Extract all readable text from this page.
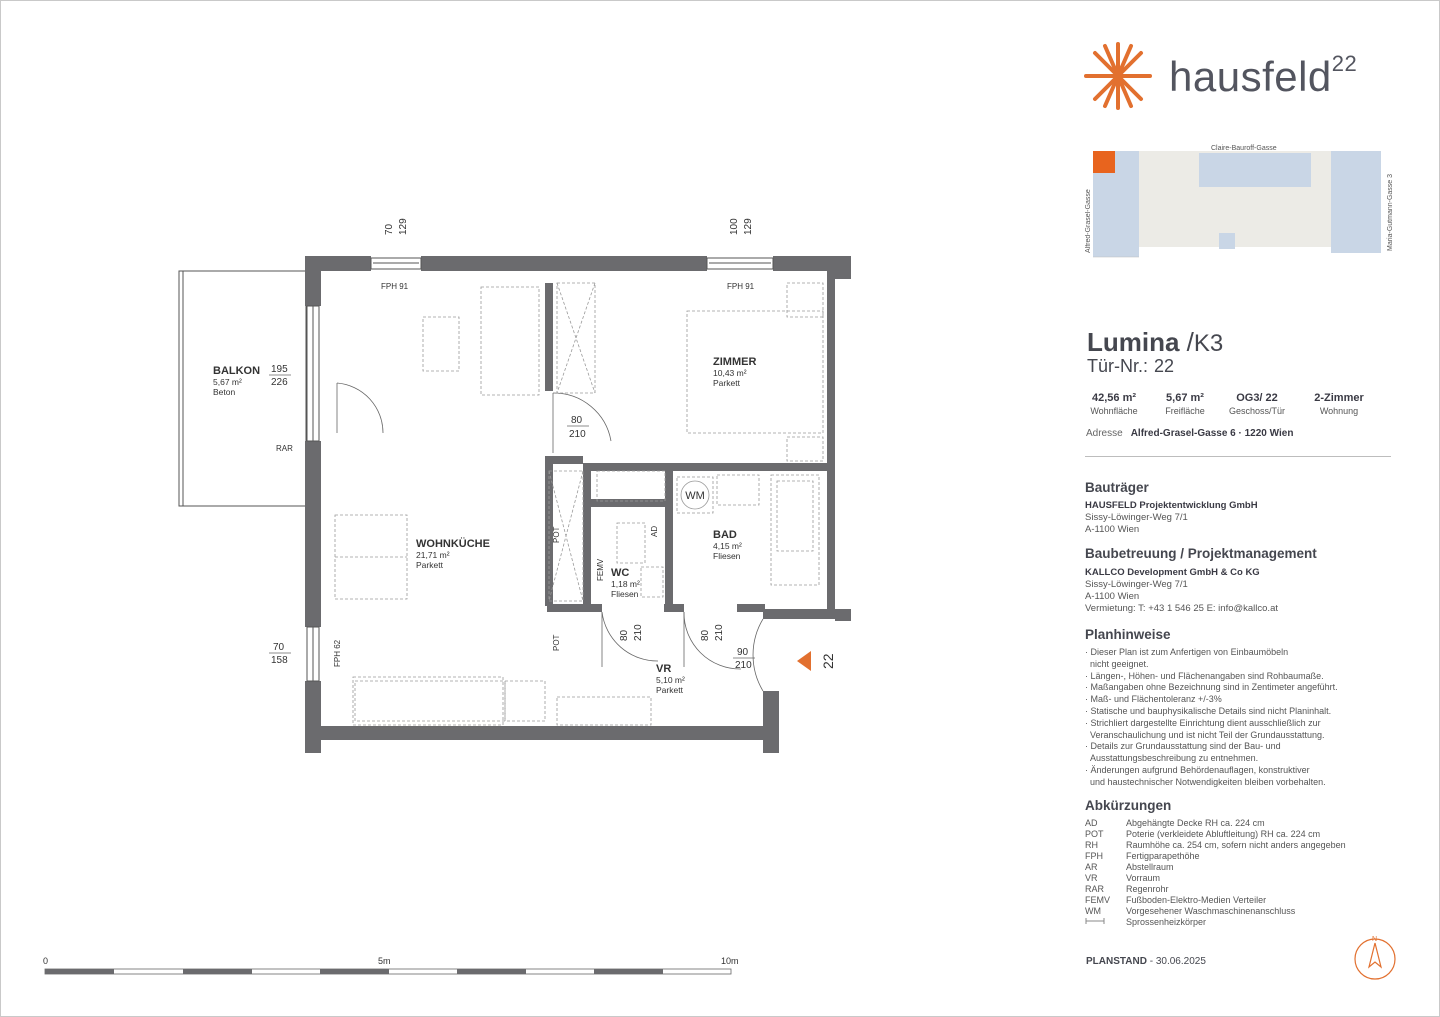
WM
BALKON
5,67 m²
Beton
ZIMMER
10,43 m²
Parkett
WOHNKÜCHE
21,71 m²
Parkett
BAD
4,15 m²
Fliesen
WC
1,18 m²
Fliesen
VR
5,10 m²
Parkett
FPH 91	FPH 91
RAR
FPH 62
POT
POT
FEMV
AD
70 129	100 129
195
226
70
158
80
210
80 210	80 210
90
210	22
0	5m	10m
hausfeld$^{22}$
Claire-Bauroff-Gasse
Alfred-Grasel-Gasse	Maria-Gutmann-Gasse 3
Lumina /K3
Tür-Nr.: 22
42,56 m²
Wohnfläche
5,67 m²
Freifläche
OG3/ 22
Geschoss/Tür
2-Zimmer
Wohnung
Adresse Alfred-Grasel-Gasse 6 · 1220 Wien
Bauträger
HAUSFELD Projektentwicklung GmbH
Sissy-Löwinger-Weg 7/1
A-1100 Wien
Baubetreuung / Projektmanagement
KALLCO Development GmbH & Co KG
Sissy-Löwinger-Weg 7/1
A-1100 Wien
Vermietung: T: +43 1 546 25 E: info@kallco.at
Planhinweise
· Dieser Plan ist zum Anfertigen von Einbaumöbeln
nicht geeignet.
· Längen-, Höhen- und Flächenangaben sind Rohbaumaße.
· Maßangaben ohne Bezeichnung sind in Zentimeter angeführt.
· Maß- und Flächentoleranz +/-3%
· Statische und bauphysikalische Details sind nicht Planinhalt.
· Strichliert dargestellte Einrichtung dient ausschließlich zur
Veranschaulichung und ist nicht Teil der Grundausstattung.
· Details zur Grundausstattung sind der Bau- und
Ausstattungsbeschreibung zu entnehmen.
· Änderungen aufgrund Behördenauflagen, konstruktiver
und haustechnischer Notwendigkeiten bleiben vorbehalten.
Abkürzungen
AD	Abgehängte Decke RH ca. 224 cm
POT Poterie (verkleidete Abluftleitung) RH ca. 224 cm
RH	Raumhöhe ca. 254 cm, sofern nicht anders angegeben
FPH	Fertigparapethöhe
AR	Abstellraum
VR	Vorraum
RAR Regenrohr
FEMV Fußboden-Elektro-Medien Verteiler
WM	Vorgesehener Waschmaschinenanschluss
Sprossenheizkörper
PLANSTAND - 30.06.2025
N
